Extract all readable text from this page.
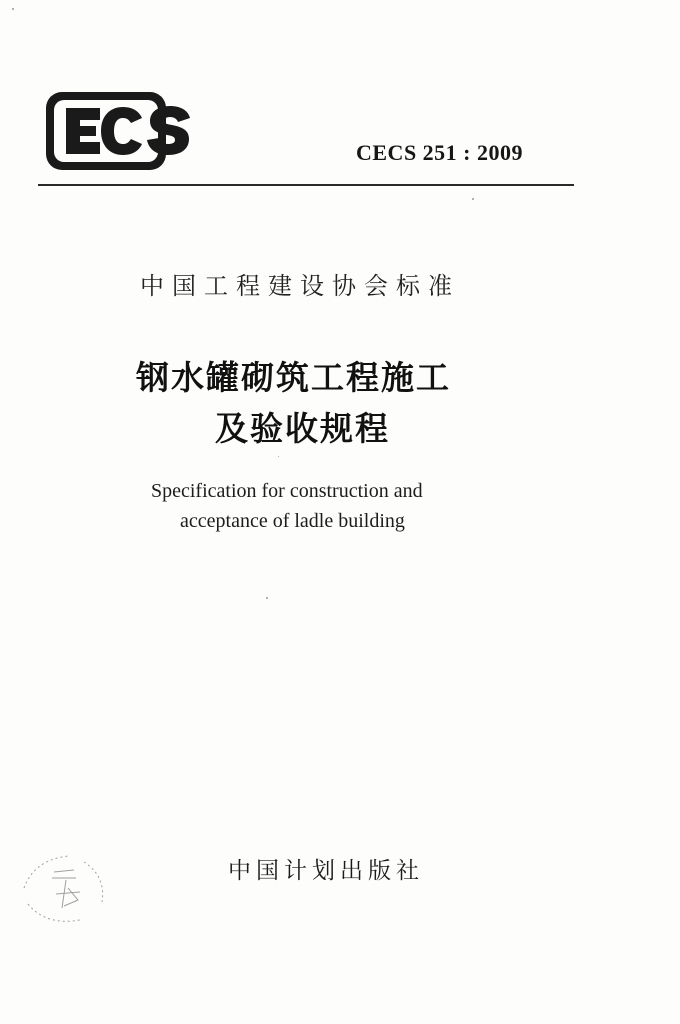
CECS 251 : 2009
中国工程建设协会标准
钢水罐砌筑工程施工
及验收规程
Specification for construction and
acceptance of ladle building
中国计划出版社
